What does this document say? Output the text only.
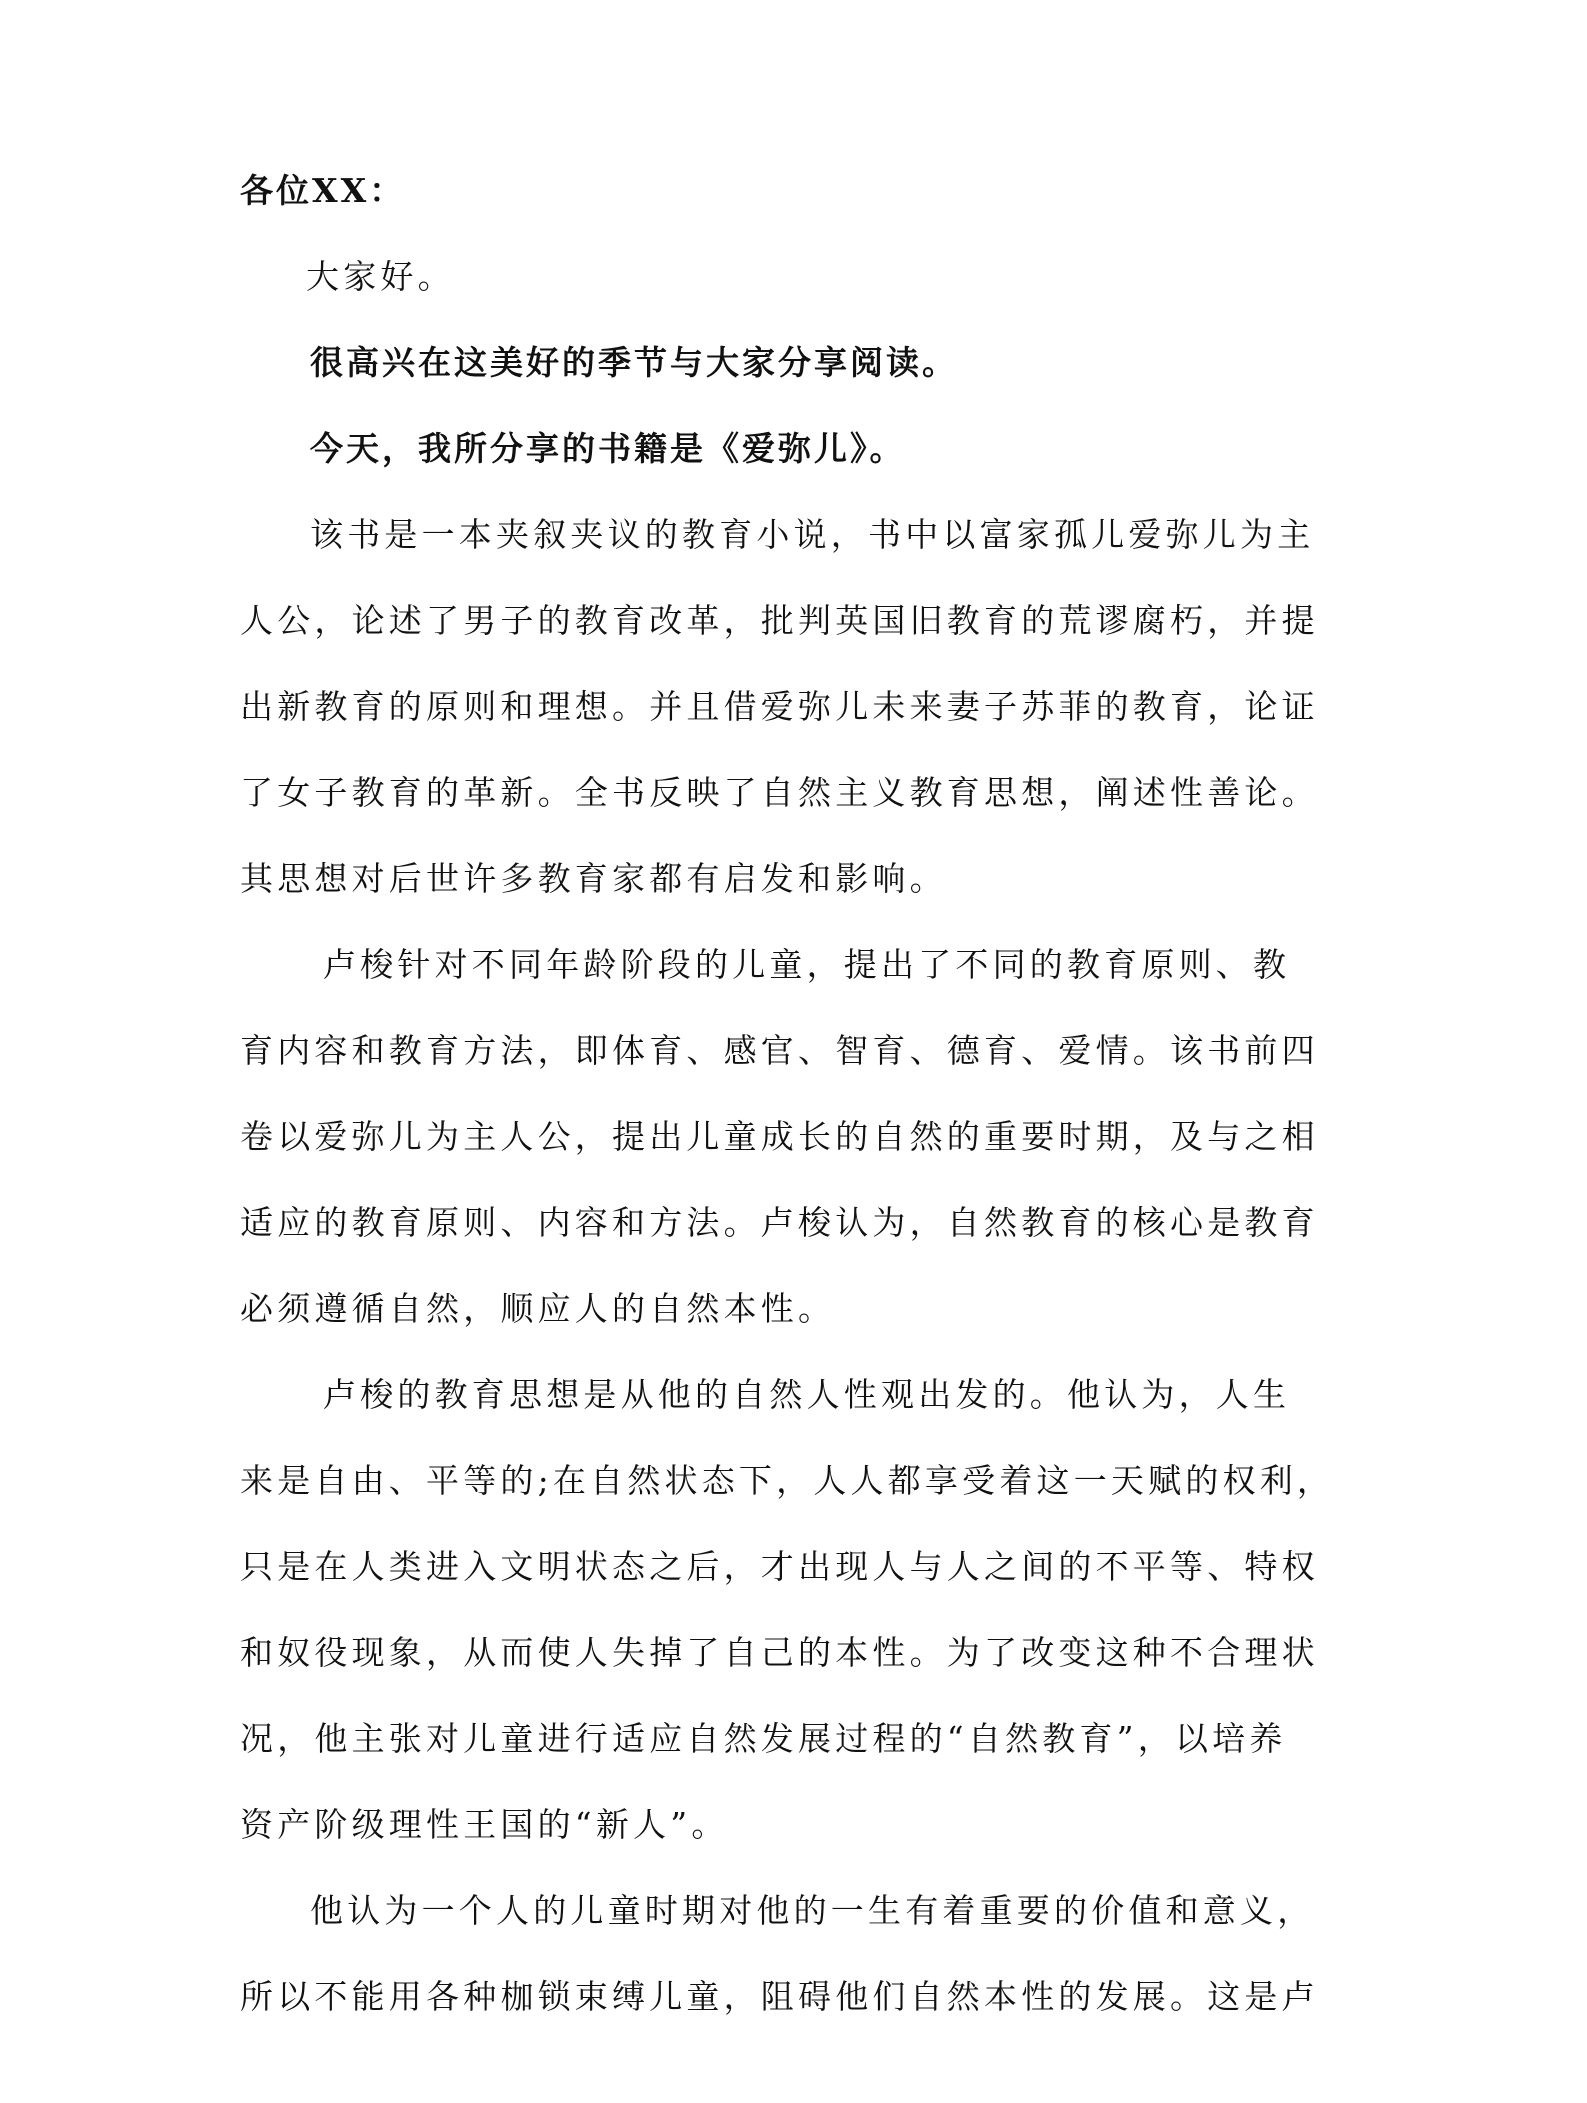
各位XX：
大家好。
很高兴在这美好的季节与大家分享阅读。
今天，我所分享的书籍是《爱弥儿》。
该书是一本夹叙夹议的教育小说，书中以富家孤儿爱弥儿为主
人公，论述了男子的教育改革，批判英国旧教育的荒谬腐朽，并提
出新教育的原则和理想。并且借爱弥儿未来妻子苏菲的教育，论证
了女子教育的革新。全书反映了自然主义教育思想，阐述性善论。
其思想对后世许多教育家都有启发和影响。
卢梭针对不同年龄阶段的儿童，提出了不同的教育原则、教
育内容和教育方法，即体育、感官、智育、德育、爱情。该书前四
卷以爱弥儿为主人公，提出儿童成长的自然的重要时期，及与之相
适应的教育原则、内容和方法。卢梭认为，自然教育的核心是教育
必须遵循自然，顺应人的自然本性。
卢梭的教育思想是从他的自然人性观出发的。他认为，人生
来是自由、平等的;在自然状态下，人人都享受着这一天赋的权利，
只是在人类进入文明状态之后，才出现人与人之间的不平等、特权
和奴役现象，从而使人失掉了自己的本性。为了改变这种不合理状
况，他主张对儿童进行适应自然发展过程的“自然教育”，以培养
资产阶级理性王国的“新人”。
他认为一个人的儿童时期对他的一生有着重要的价值和意义，
所以不能用各种枷锁束缚儿童，阻碍他们自然本性的发展。这是卢
